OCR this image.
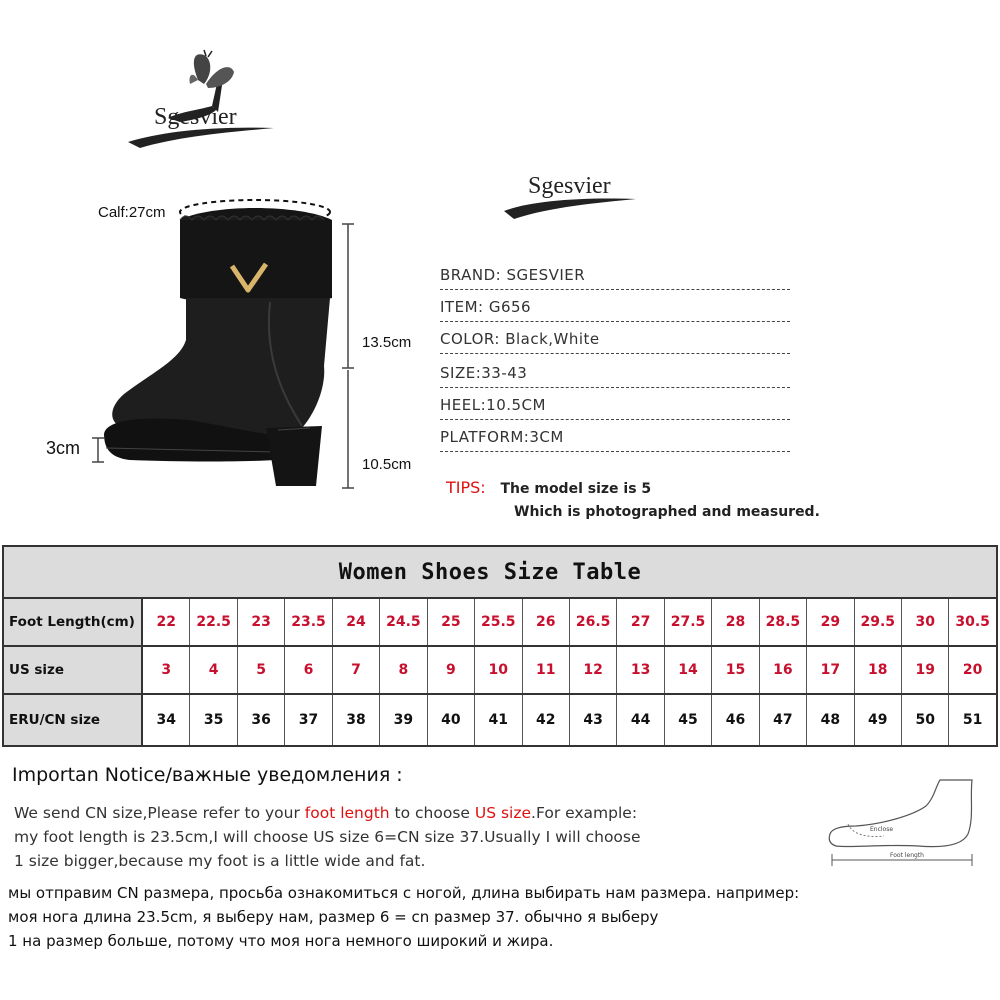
Sgesvier
Sgesvier
Calf:27cm
13.5cm
10.5cm
3cm
BRAND: SGESVIER
ITEM: G656
COLOR: Black,White
SIZE:33-43
HEEL:10.5CM
PLATFORM:3CM
TIPS: The model size is 5
Which is photographed and measured.
Women Shoes Size Table
Foot Length(cm)	22	22.5	23	23.5	24	24.5	25	25.5	26	26.5	27	27.5	28	28.5	29	29.5	30	30.5
US size	3	4	5	6	7	8	9	10	11	12	13	14	15	16	17	18	19	20
ERU/CN size	34	35	36	37	38	39	40	41	42	43	44	45	46	47	48	49	50	51
Importan Notice/важные уведомления :
We send CN size,Please refer to your foot length to choose US size.For example:
my foot length is 23.5cm,I will choose US size 6=CN size 37.Usually I will choose
1 size bigger,because my foot is a little wide and fat.
мы отправим CN размера, просьба ознакомиться с ногой, длина выбирать нам размера. например:
моя нога длина 23.5cm, я выберу нам, размер 6 = cn размер 37. обычно я выберу
1 на размер больше, потому что моя нога немного широкий и жира.
Enclose
Foot length
